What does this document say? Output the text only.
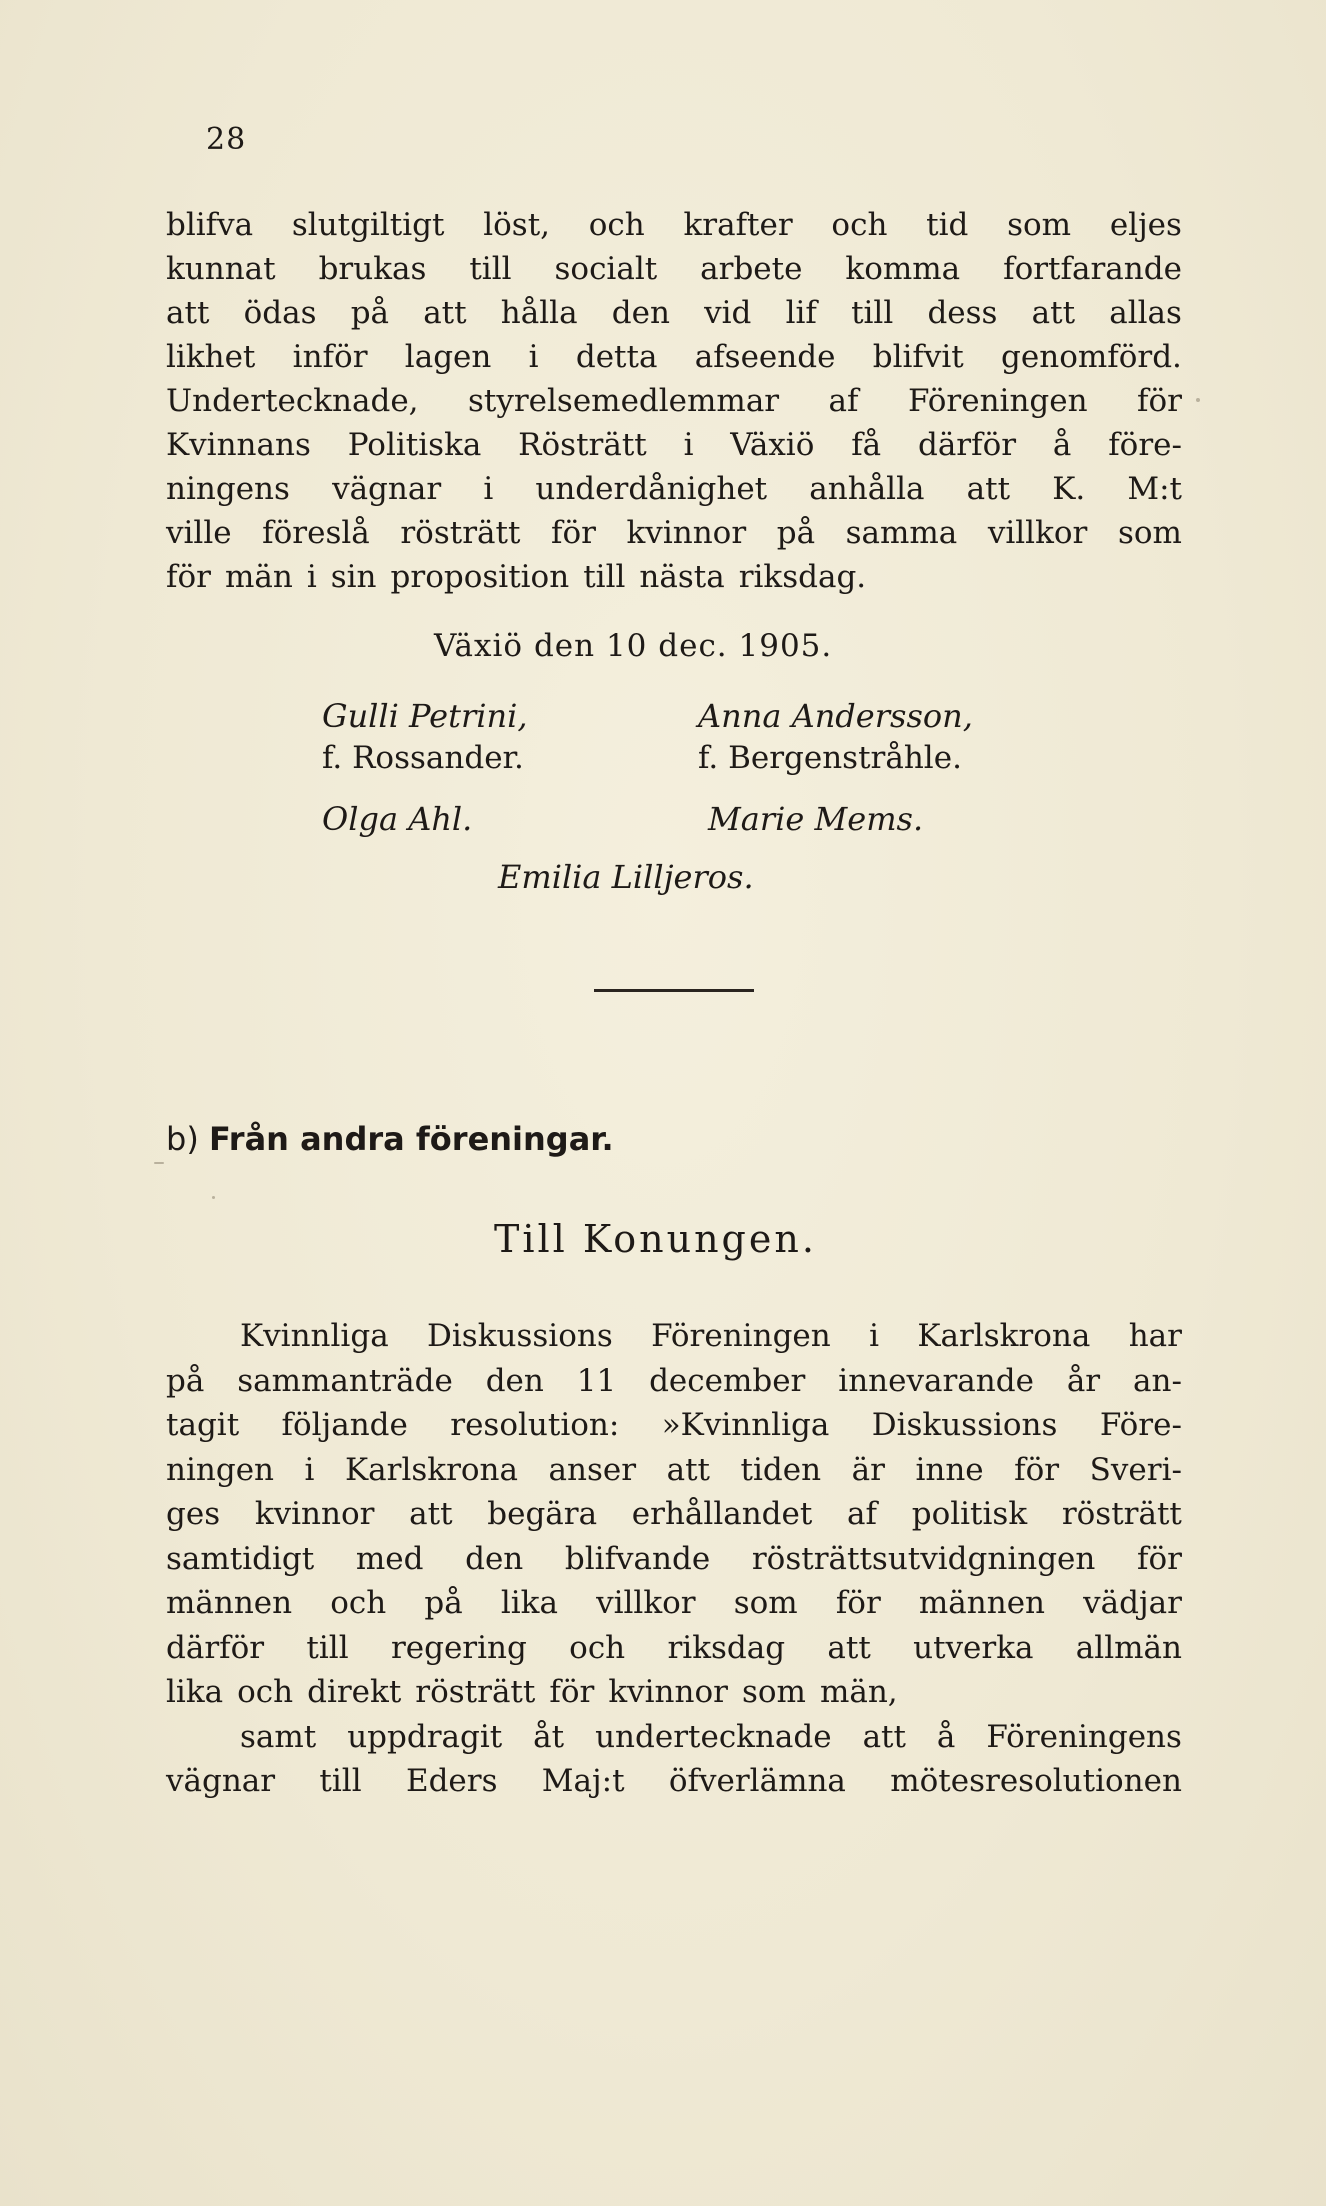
28
blifva slutgiltigt löst, och krafter och tid som eljes
kunnat brukas till socialt arbete komma fortfarande
att ödas på att hålla den vid lif till dess att allas
likhet inför lagen i detta afseende blifvit genomförd.
Undertecknade, styrelsemedlemmar af Föreningen för
Kvinnans Politiska Rösträtt i Växiö få därför å före-
ningens vägnar i underdånighet anhålla att K. M:t
ville föreslå rösträtt för kvinnor på samma villkor som
för män i sin proposition till nästa riksdag.
Växiö den 10 dec. 1905.
Gulli Petrini,
f. Rossander.
Anna Andersson,
f. Bergenstråhle.
Olga Ahl.	Marie Mems.
Emilia Lilljeros.
b) Från andra föreningar.
Till Konungen.
Kvinnliga Diskussions Föreningen i Karlskrona har
på sammanträde den 11 december innevarande år an-
tagit följande resolution: »Kvinnliga Diskussions Före-
ningen i Karlskrona anser att tiden är inne för Sveri-
ges kvinnor att begära erhållandet af politisk rösträtt
samtidigt med den blifvande rösträttsutvidgningen för
männen och på lika villkor som för männen vädjar
därför till regering och riksdag att utverka allmän
lika och direkt rösträtt för kvinnor som män,
samt uppdragit åt undertecknade att å Föreningens
vägnar till Eders Maj:t öfverlämna mötesresolutionen
